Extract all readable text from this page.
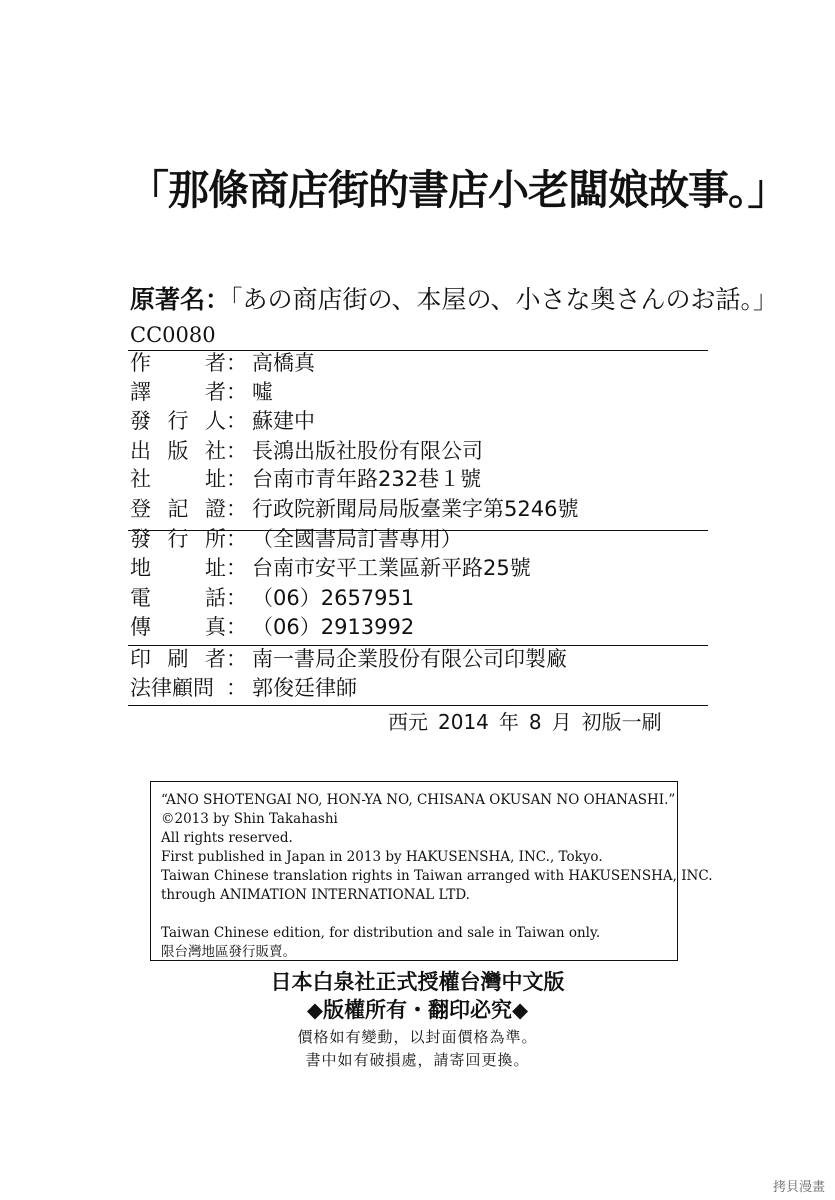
「那條商店街的書店小老闆娘故事。」
原著名：「あの商店街の、本屋の、小さな奥さんのお話。」
CC0080
作	者 ： 高橋真
譯	者 ： 噓
發 行 人 ： 蘇建中
出 版 社 ： 長鴻出版社股份有限公司
社	址 ： 台南市青年路232巷１號
登 記 證 ： 行政院新聞局局版臺業字第5246號
發 行 所 ： （全國書局訂書專用）
地	址 ： 台南市安平工業區新平路25號
電	話 ： （06）2657951
傳	真 ： （06）2913992
印 刷 者 ： 南一書局企業股份有限公司印製廠
法律顧問 ： 郭俊廷律師
西元 2014 年 8 月 初版一刷
“ANO SHOTENGAI NO, HON-YA NO, CHISANA OKUSAN NO OHANASHI.”
©2013 by Shin Takahashi
All rights reserved.
First published in Japan in 2013 by HAKUSENSHA, INC., Tokyo.
Taiwan Chinese translation rights in Taiwan arranged with HAKUSENSHA, INC.
through ANIMATION INTERNATIONAL LTD.
Taiwan Chinese edition, for distribution and sale in Taiwan only.
限台灣地區發行販賣。
日本白泉社正式授權台灣中文版
◆版權所有・翻印必究◆
價格如有變動，以封面價格為準。
書中如有破損處，請寄回更換。
拷貝漫畫
